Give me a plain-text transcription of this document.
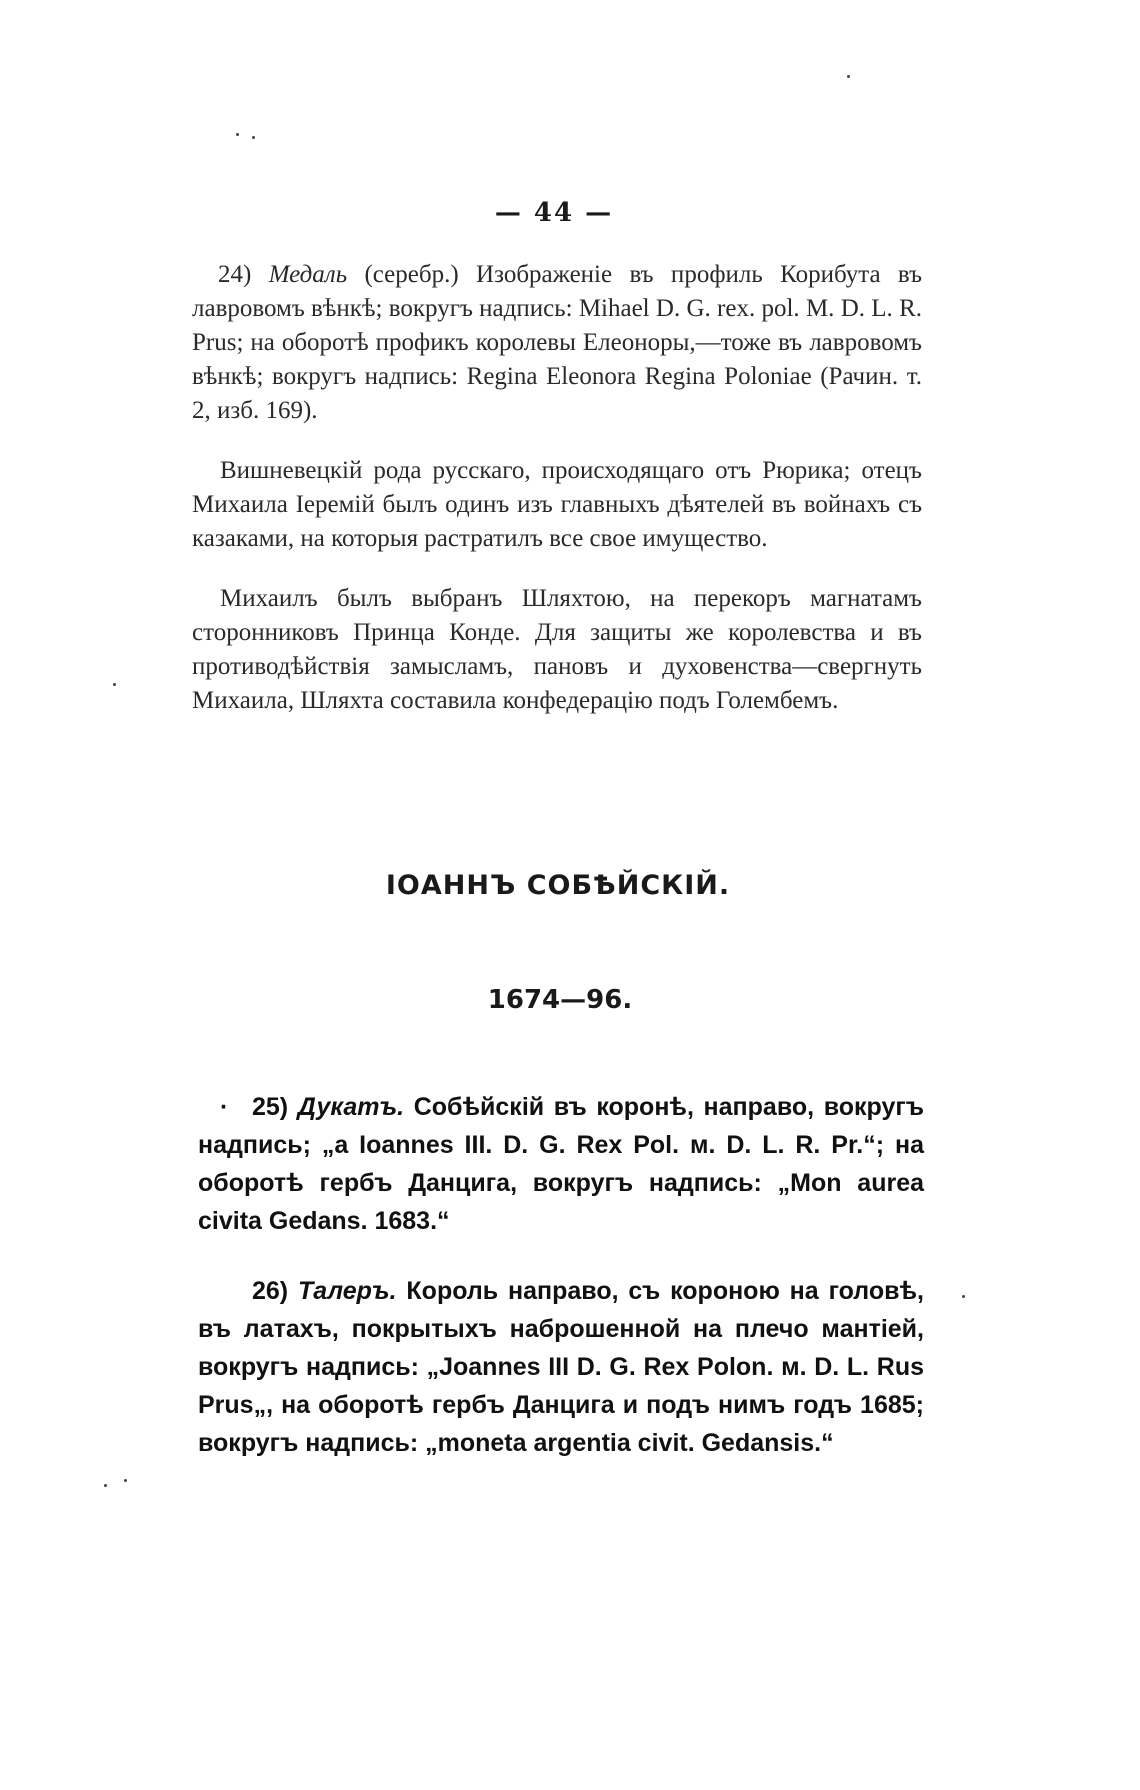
— 44 —

24) Медаль (серебр.) Изображеніе въ профиль Корибута въ лавровомъ вѣнкѣ; вокругъ надпись: Mihael D. G. rex. pol. M. D. L. R. Prus; на оборотѣ профикъ королевы Елеоноры,—тоже въ лавровомъ вѣнкѣ; вокругъ надпись: Regina Eleonora Regina Poloniae (Рачин. т. 2, изб. 169).

Вишневецкій рода русскаго, происходящаго отъ Рюрика; отецъ Михаила Іеремій былъ одинъ изъ главныхъ дѣятелей въ войнахъ съ казаками, на которыя растратилъ все свое имущество.

Михаилъ былъ выбранъ Шляхтою, на перекоръ магнатамъ сторонниковъ Принца Конде. Для защиты же королевства и въ противодѣйствія замысламъ, пановъ и духовенства—свергнуть Михаила, Шляхта составила конфедерацію подъ Голембемъ.

ІОАННЪ СОБѢЙСКІЙ.
1674—96.

· 25) Дукатъ. Собѣйскій въ коронѣ, направо, вокругъ надпись; „a Ioannes III. D. G. Rex Pol. м. D. L. R. Pr.“; на оборотѣ гербъ Данцига, вокругъ надпись: „Mon aurea civita Gedans. 1683.“

26) Талеръ. Король направо, съ короною на головѣ, въ латахъ, покрытыхъ наброшенной на плечо мантіей, вокругъ надпись: „Joannes III D. G. Rex Polon. м. D. L. Rus Prus„, на оборотѣ гербъ Данцига и подъ нимъ годъ 1685; вокругъ надпись: „moneta argentia civit. Gedansis.“
